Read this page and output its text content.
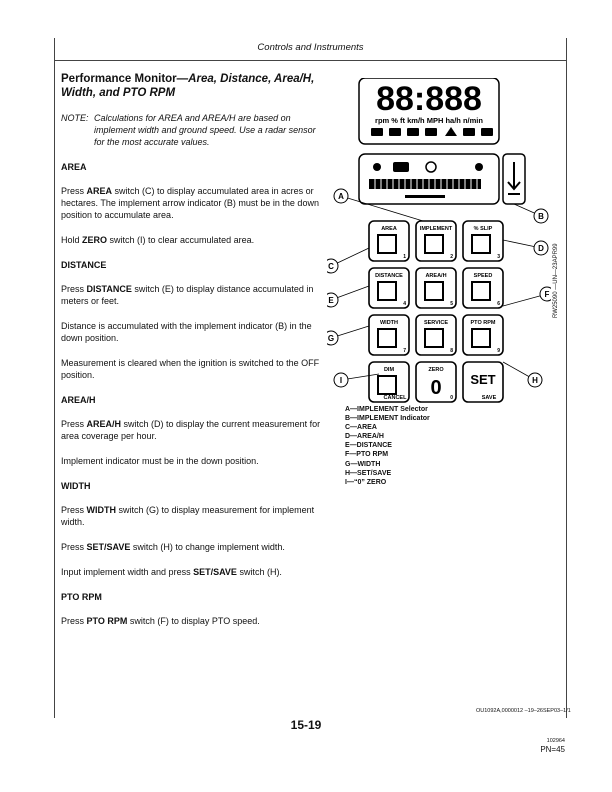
Controls and Instruments
Performance Monitor—Area, Distance, Area/H, Width, and PTO RPM
NOTE: Calculations for AREA and AREA/H are based on implement width and ground speed. Use a radar sensor for the most accurate values.
AREA

Press AREA switch (C) to display accumulated area in acres or hectares. The implement arrow indicator (B) must be in the down position to accumulate area.

Hold ZERO switch (I) to clear accumulated area.

DISTANCE

Press DISTANCE switch (E) to display distance accumulated in meters or feet.

Distance is accumulated with the implement indicator (B) in the down position.

Measurement is cleared when the ignition is switched to the OFF position.

AREA/H

Press AREA/H switch (D) to display the current measurement for area coverage per hour.

Implement indicator must be in the down position.

WIDTH

Press WIDTH switch (G) to display measurement for implement width.

Press SET/SAVE switch (H) to change implement width.

Input implement width and press SET/SAVE switch (H).

PTO RPM

Press PTO RPM switch (F) to display PTO speed.

88:888
rpm % ft km/h MPH ha/h n/min
AREA
1
IMPLEMENT
2
% SLIP
3
DISTANCE
4
AREA/H
5
SPEED
6
WIDTH
7
SERVICE
8
PTO RPM
9
DIM
CANCEL
ZERO
0 0
SET
SAVE
A
B
C
D
E
F
G
H
I
A—IMPLEMENT Selector
B—IMPLEMENT Indicator
C—AREA
D—AREA/H
E—DISTANCE
F—PTO RPM
G—WIDTH
H—SET/SAVE
I—“0” ZERO
RW25090 —UN—23APR99
OU1092A,0000012 –19–26SEP03–1/1
15-19
102964
PN=45
